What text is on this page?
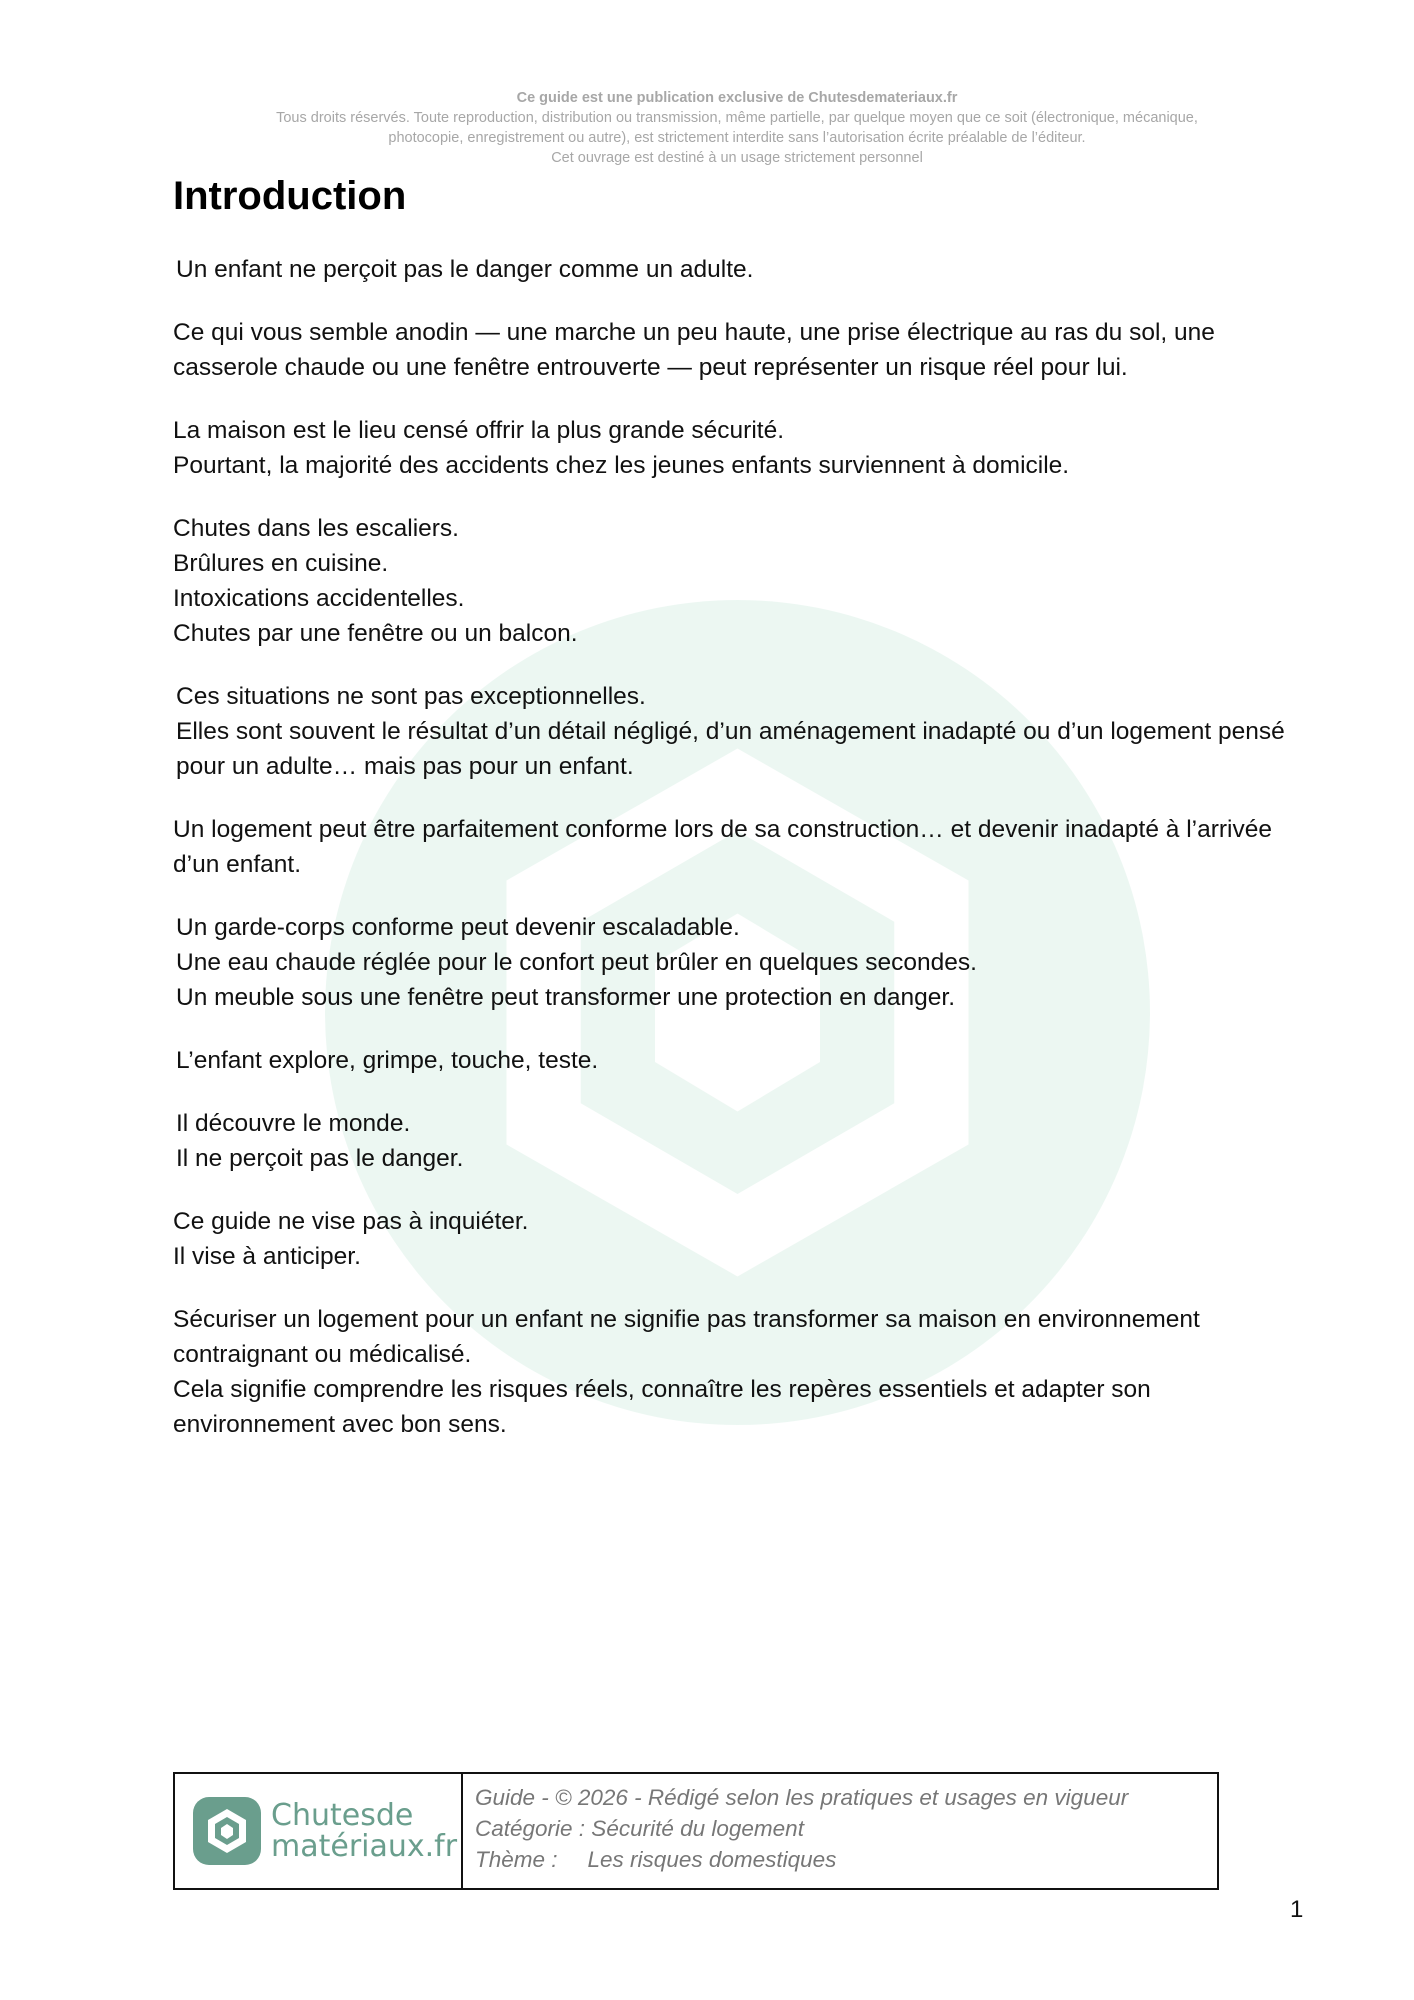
Ce guide est une publication exclusive de Chutesdemateriaux.fr
Tous droits réservés. Toute reproduction, distribution ou transmission, même partielle, par quelque moyen que ce soit (électronique, mécanique,
photocopie, enregistrement ou autre), est strictement interdite sans l’autorisation écrite préalable de l’éditeur.
Cet ouvrage est destiné à un usage strictement personnel
Introduction

Un enfant ne perçoit pas le danger comme un adulte.

Ce qui vous semble anodin — une marche un peu haute, une prise électrique au ras du sol, une casserole chaude ou une fenêtre entrouverte — peut représenter un risque réel pour lui.

La maison est le lieu censé offrir la plus grande sécurité.
Pourtant, la majorité des accidents chez les jeunes enfants surviennent à domicile.

Chutes dans les escaliers.
Brûlures en cuisine.
Intoxications accidentelles.
Chutes par une fenêtre ou un balcon.

Ces situations ne sont pas exceptionnelles.
Elles sont souvent le résultat d’un détail négligé, d’un aménagement inadapté ou d’un logement pensé pour un adulte… mais pas pour un enfant.

Un logement peut être parfaitement conforme lors de sa construction… et devenir inadapté à l’arrivée d’un enfant.

Un garde-corps conforme peut devenir escaladable.
Une eau chaude réglée pour le confort peut brûler en quelques secondes.
Un meuble sous une fenêtre peut transformer une protection en danger.

L’enfant explore, grimpe, touche, teste.

Il découvre le monde.
Il ne perçoit pas le danger.

Ce guide ne vise pas à inquiéter.
Il vise à anticiper.

Sécuriser un logement pour un enfant ne signifie pas transformer sa maison en environnement contraignant ou médicalisé.
Cela signifie comprendre les risques réels, connaître les repères essentiels et adapter son environnement avec bon sens.

Chutesde
matériaux.fr
Guide - © 2026 - Rédigé selon les pratiques et usages en vigueur
Catégorie : Sécurité du logement
Thème : Les risques domestiques
1
